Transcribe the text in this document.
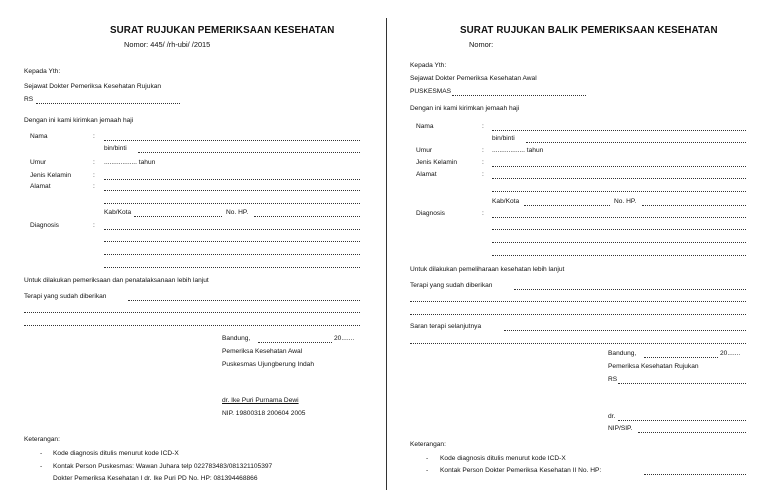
SURAT RUJUKAN PEMERIKSAAN KESEHATAN
Nomor: 445/ /rh-ubi/ /2015
Kepada Yth:
Sejawat Dokter Pemeriksa Kesehatan Rujukan
RS
Dengan ini kami kirimkan jemaah haji
Nama	:
bin/binti
Umur	: .................. tahun
Jenis Kelamin	:
Alamat	:
Kab/Kota	No. HP.
Diagnosis	:
Untuk dilakukan pemeriksaan dan penatalaksanaan lebih lanjut
Terapi yang sudah diberikan
Bandung,	20.......
Pemeriksa Kesehatan Awal
Puskesmas Ujungberung Indah
dr. Ike Puri Purnama Dewi
NIP. 19800318 200604 2005
Keterangan:
- Kode diagnosis ditulis menurut kode ICD-X
- Kontak Person Puskesmas: Wawan Juhara telp 022783483/081321105397
Dokter Pemeriksa Kesehatan I dr. Ike Puri PD No. HP: 081394468866
SURAT RUJUKAN BALIK PEMERIKSAAN KESEHATAN
Nomor:
Kepada Yth:
Sejawat Dokter Pemeriksa Kesehatan Awal
PUSKESMAS
Dengan ini kami kirimkan jemaah haji
Nama	:
bin/binti
Umur	: .................. tahun
Jenis Kelamin	:
Alamat	:
Kab/Kota	No. HP.
Diagnosis	:
Untuk dilakukan pemeliharaan kesehatan lebih lanjut
Terapi yang sudah diberikan
Saran terapi selanjutnya
Bandung,	20.......
Pemeriksa Kesehatan Rujukan
RS
dr.
NIP/SIP.
Keterangan:
- Kode diagnosis ditulis menurut kode ICD-X
- Kontak Person Dokter Pemeriksa Kesehatan II No. HP:
